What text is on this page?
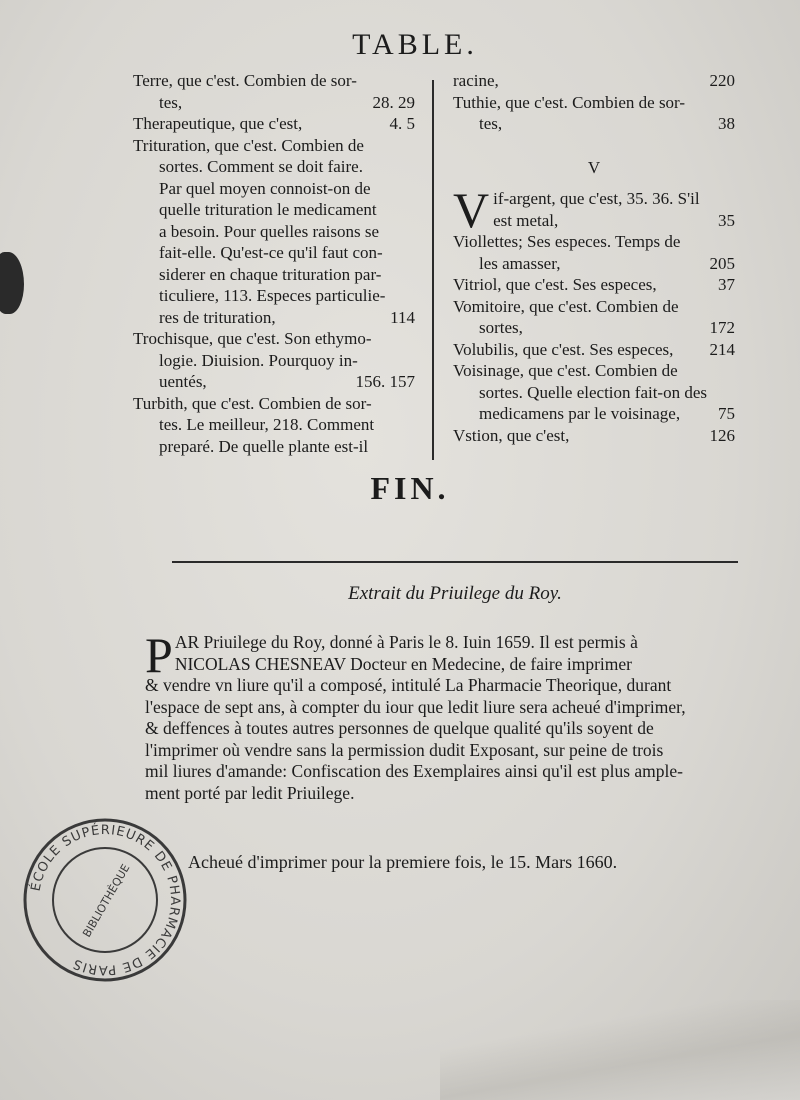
TABLE.
Terre, que c'est. Combien de sor-
tes,	28. 29
Therapeutique, que c'est,	4. 5
Trituration, que c'est. Combien de
sortes. Comment se doit faire.
Par quel moyen connoist-on de
quelle trituration le medicament
a besoin. Pour quelles raisons se
fait-elle. Qu'est-ce qu'il faut con-
siderer en chaque trituration par-
ticuliere, 113. Especes particulie-
res de trituration,	114
Trochisque, que c'est. Son ethymo-
logie. Diuision. Pourquoy in-
uentés,	156. 157
Turbith, que c'est. Combien de sor-
tes. Le meilleur, 218. Comment
preparé. De quelle plante est-il
racine,	220
Tuthie, que c'est. Combien de sor-
tes,	38
V
V if-argent, que c'est, 35. 36. S'il
est metal,	35
Viollettes; Ses especes. Temps de
les amasser,	205
Vitriol, que c'est. Ses especes,	37
Vomitoire, que c'est. Combien de
sortes,	172
Volubilis, que c'est. Ses especes, 214
Voisinage, que c'est. Combien de
sortes. Quelle election fait-on des
medicamens par le voisinage, 75
Vstion, que c'est,	126
FIN.
Extrait du Priuilege du Roy.
P AR Priuilege du Roy, donné à Paris le 8. Iuin 1659. Il est permis à
NICOLAS CHESNEAV Docteur en Medecine, de faire imprimer
& vendre vn liure qu'il a composé, intitulé La Pharmacie Theorique, durant
l'espace de sept ans, à compter du iour que ledit liure sera acheué d'imprimer,
& deffences à toutes autres personnes de quelque qualité qu'ils soyent de
l'imprimer où vendre sans la permission dudit Exposant, sur peine de trois
mil liures d'amande: Confiscation des Exemplaires ainsi qu'il est plus ample-
ment porté par ledit Priuilege.
Acheué d'imprimer pour la premiere fois, le 15. Mars 1660.
ÉCOLE SUPÉRIEURE DE PHARMACIE DE PARIS
BIBLIOTHÈQUE
